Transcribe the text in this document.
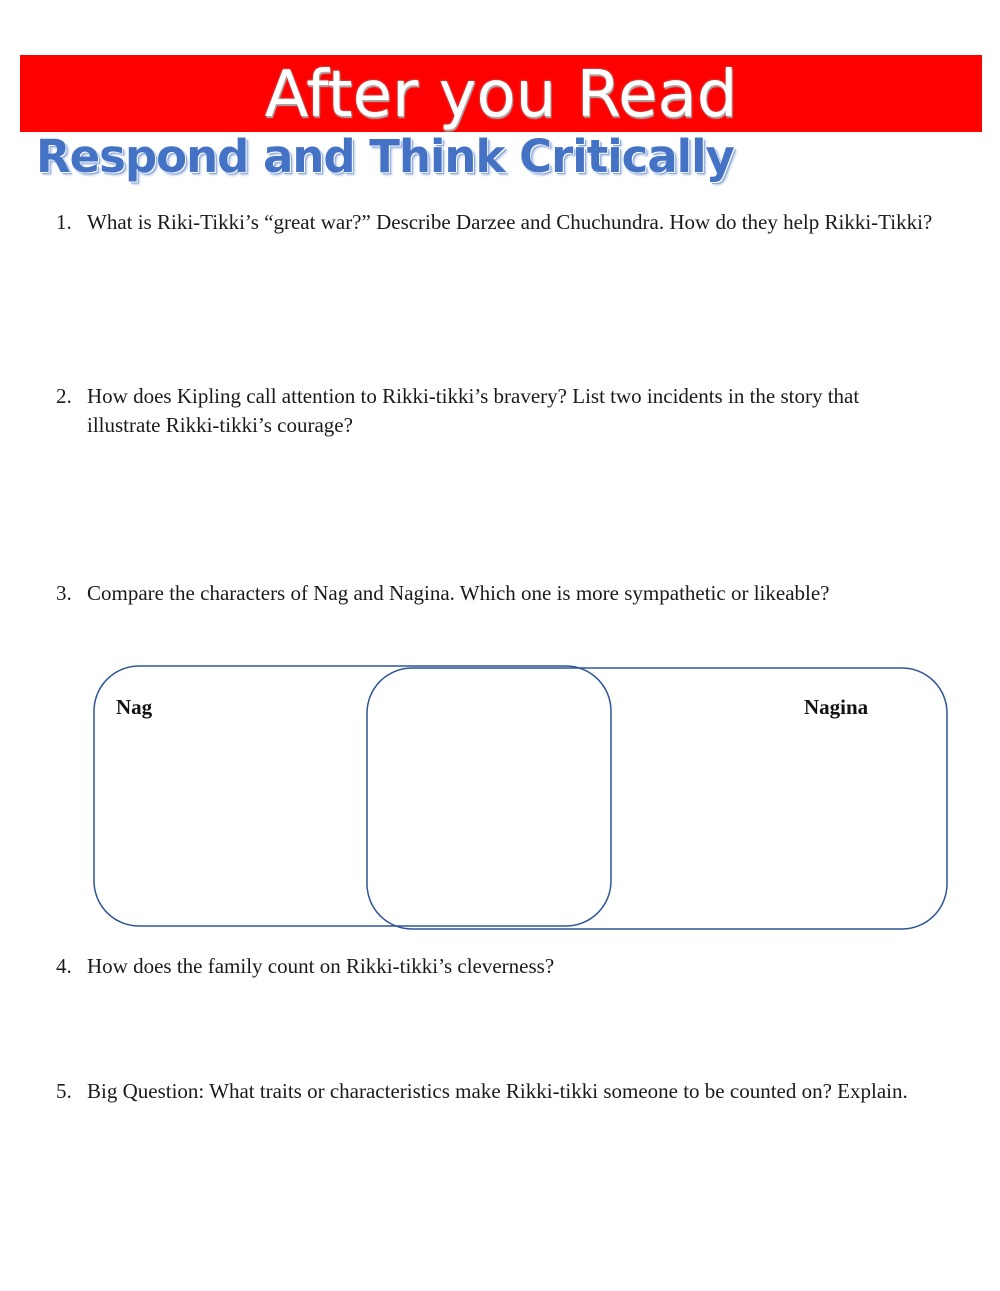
After you Read
Respond and Think Critically
1. What is Riki-Tikki’s “great war?” Describe Darzee and Chuchundra. How do they help Rikki-Tikki?
2. How does Kipling call attention to Rikki-tikki’s bravery? List two incidents in the story that illustrate Rikki-tikki’s courage?
3. Compare the characters of Nag and Nagina. Which one is more sympathetic or likeable?
Nag	Nagina
4. How does the family count on Rikki-tikki’s cleverness?
5. Big Question: What traits or characteristics make Rikki-tikki someone to be counted on? Explain.
